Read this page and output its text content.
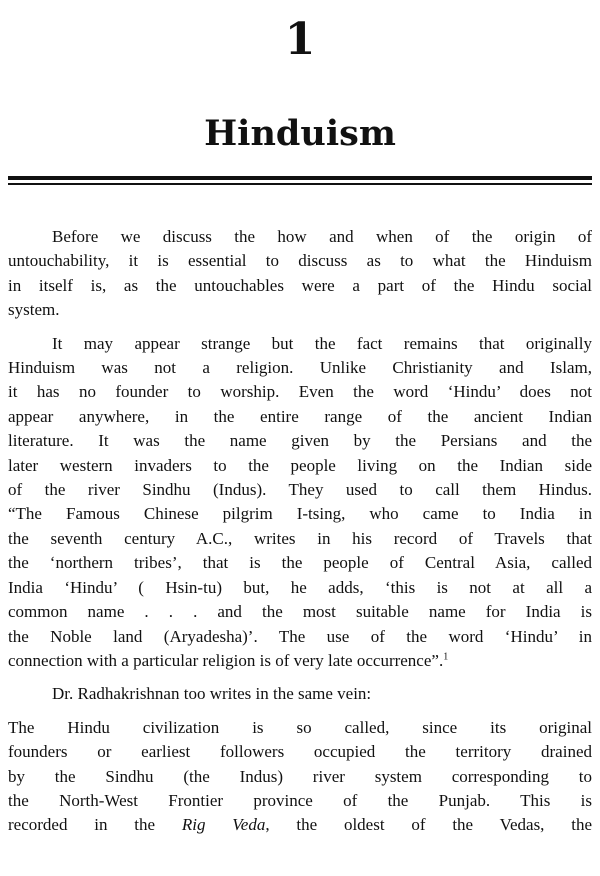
1
Hinduism
Before we discuss the how and when of the origin of
untouchability, it is essential to discuss as to what the Hinduism
in itself is, as the untouchables were a part of the Hindu social
system.
It may appear strange but the fact remains that originally
Hinduism was not a religion. Unlike Christianity and Islam,
it has no founder to worship. Even the word ‘Hindu’ does not
appear anywhere, in the entire range of the ancient Indian
literature. It was the name given by the Persians and the
later western invaders to the people living on the Indian side
of the river Sindhu (Indus). They used to call them Hindus.
“The Famous Chinese pilgrim I-tsing, who came to India in
the seventh century A.C., writes in his record of Travels that
the ‘northern tribes’, that is the people of Central Asia, called
India ‘Hindu’ ( Hsin-tu) but, he adds, ‘this is not at all a
common name . . . and the most suitable name for India is
the Noble land (Aryadesha)’. The use of the word ‘Hindu’ in
connection with a particular religion is of very late occurrence”.$^1$
Dr. Radhakrishnan too writes in the same vein:
The Hindu civilization is so called, since its original
founders or earliest followers occupied the territory drained
by the Sindhu (the Indus) river system corresponding to
the North-West Frontier province of the Punjab. This is
recorded in the Rig Veda, the oldest of the Vedas, the
